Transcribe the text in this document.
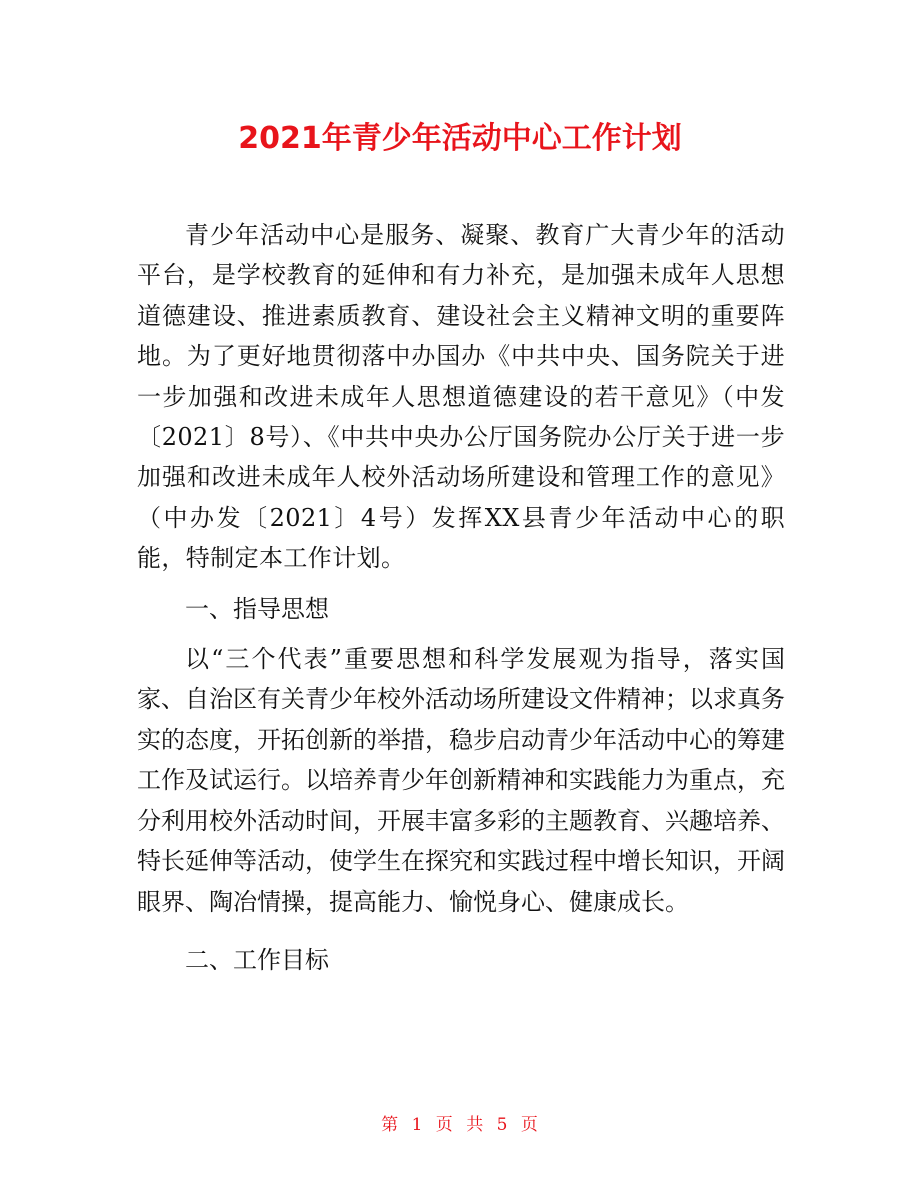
2021年青少年活动中心工作计划

青少年活动中心是服务、凝聚、教育广大青少年的活动平台，是学校教育的延伸和有力补充，是加强未成年人思想道德建设、推进素质教育、建设社会主义精神文明的重要阵地。为了更好地贯彻落中办国办《中共中央、国务院关于进一步加强和改进未成年人思想道德建设的若干意见》（中发〔2021〕8号）、《中共中央办公厅国务院办公厅关于进一步加强和改进未成年人校外活动场所建设和管理工作的意见》（中办发〔2021〕4号）发挥XX县青少年活动中心的职能，特制定本工作计划。

一、指导思想

以“三个代表”重要思想和科学发展观为指导，落实国家、自治区有关青少年校外活动场所建设文件精神；以求真务实的态度，开拓创新的举措，稳步启动青少年活动中心的筹建工作及试运行。以培养青少年创新精神和实践能力为重点，充分利用校外活动时间，开展丰富多彩的主题教育、兴趣培养、特长延伸等活动，使学生在探究和实践过程中增长知识，开阔眼界、陶冶情操，提高能力、愉悦身心、健康成长。

二、工作目标

第 1 页 共 5 页
